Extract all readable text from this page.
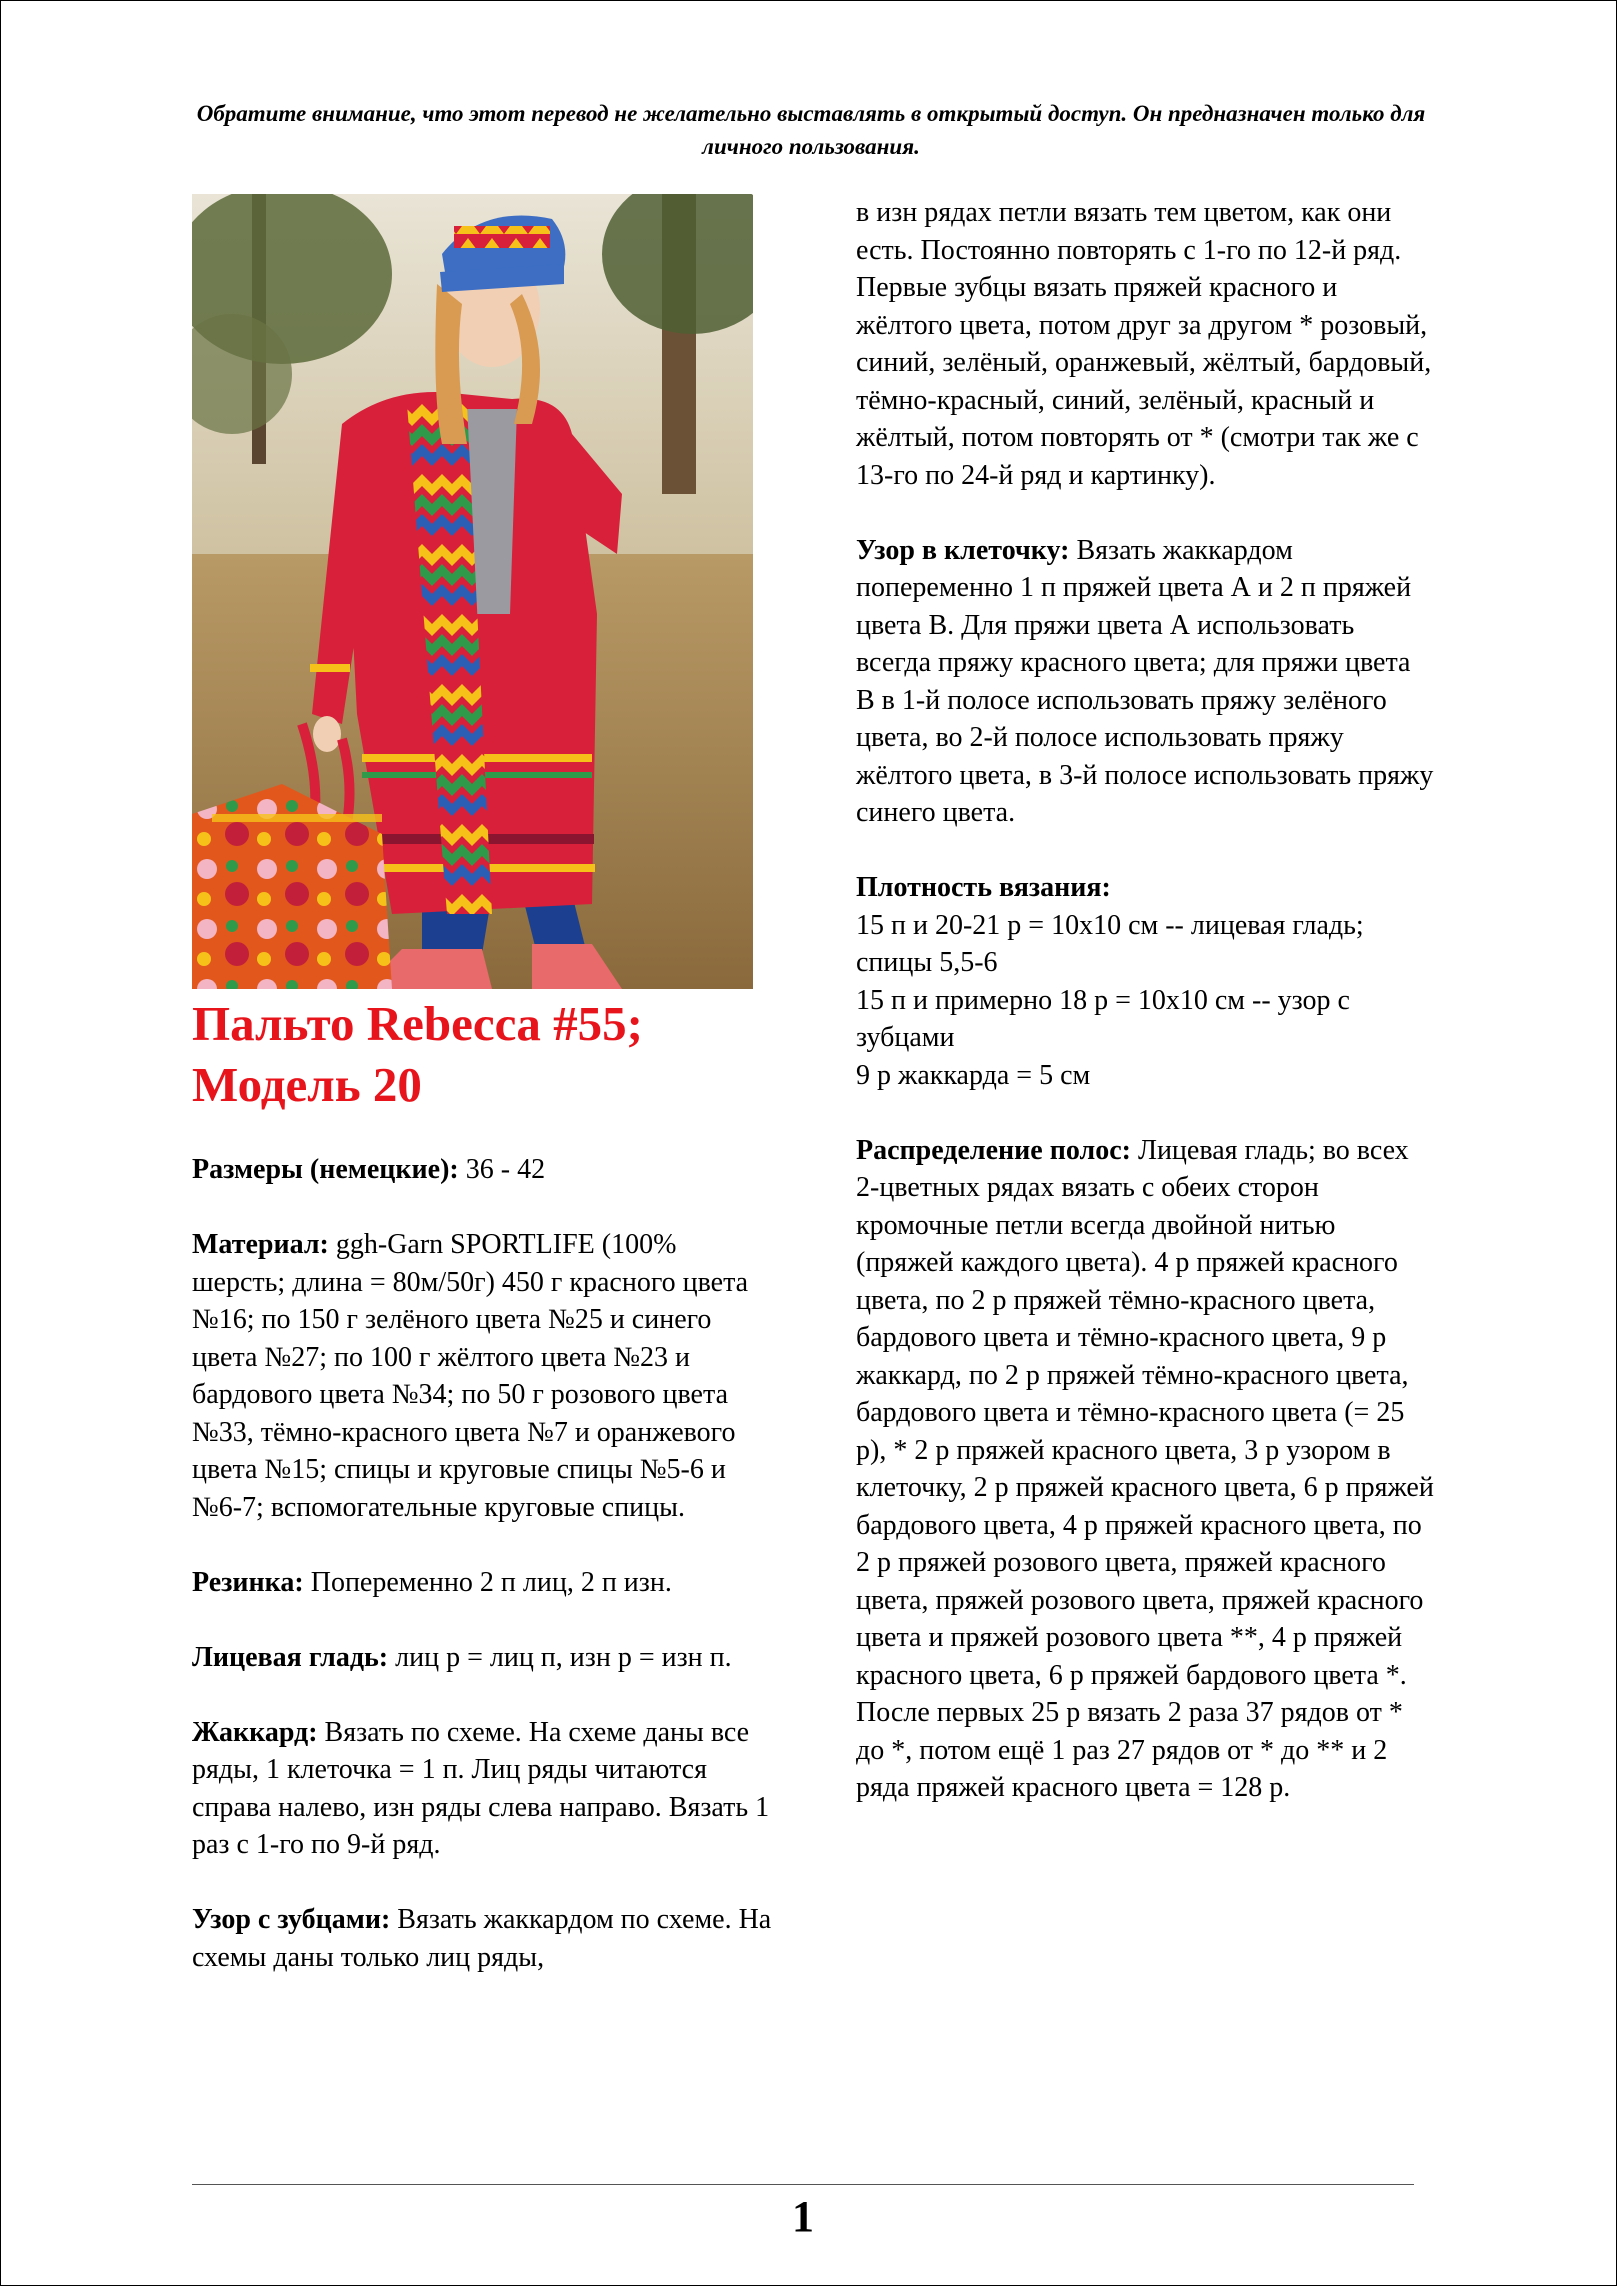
Обратите внимание, что этот перевод не желательно выставлять в открытый доступ. Он предназначен только для личного пользования.
Пальто Rebecca #55;
Модель 20

Размеры (немецкие): 36 - 42

Материал: ggh-Garn SPORTLIFE (100% шерсть; длина = 80м/50г) 450 г красного цвета №16; по 150 г зелёного цвета №25 и синего цвета №27; по 100 г жёлтого цвета №23 и бардового цвета №34; по 50 г розового цвета №33, тёмно-красного цвета №7 и оранжевого цвета №15; спицы и круговые спицы №5-6 и №6-7; вспомогательные круговые спицы.

Резинка: Попеременно 2 п лиц, 2 п изн.

Лицевая гладь: лиц р = лиц п, изн р = изн п.

Жаккард: Вязать по схеме. На схеме даны все ряды, 1 клеточка = 1 п. Лиц ряды читаются справа налево, изн ряды слева направо. Вязать 1 раз с 1-го по 9-й ряд.

Узор с зубцами: Вязать жаккардом по схеме. На схемы даны только лиц ряды,

в изн рядах петли вязать тем цветом, как они есть. Постоянно повторять с 1-го по 12-й ряд. Первые зубцы вязать пряжей красного и жёлтого цвета, потом друг за другом * розовый, синий, зелёный, оранжевый, жёлтый, бардовый, тёмно-красный, синий, зелёный, красный и жёлтый, потом повторять от * (смотри так же с 13-го по 24-й ряд и картинку).

Узор в клеточку: Вязать жаккардом попеременно 1 п пряжей цвета А и 2 п пряжей цвета В. Для пряжи цвета А использовать всегда пряжу красного цвета; для пряжи цвета В в 1-й полосе использовать пряжу зелёного цвета, во 2-й полосе использовать пряжу жёлтого цвета, в 3-й полосе использовать пряжу синего цвета.

Плотность вязания:
15 п и 20-21 р = 10х10 см -- лицевая гладь; спицы 5,5-6
15 п и примерно 18 р = 10х10 см -- узор с зубцами
9 р жаккарда = 5 см

Распределение полос: Лицевая гладь; во всех 2-цветных рядах вязать с обеих сторон кромочные петли всегда двойной нитью (пряжей каждого цвета). 4 р пряжей красного цвета, по 2 р пряжей тёмно-красного цвета, бардового цвета и тёмно-красного цвета, 9 р жаккард, по 2 р пряжей тёмно-красного цвета, бардового цвета и тёмно-красного цвета (= 25 р), * 2 р пряжей красного цвета, 3 р узором в клеточку, 2 р пряжей красного цвета, 6 р пряжей бардового цвета, 4 р пряжей красного цвета, по 2 р пряжей розового цвета, пряжей красного цвета, пряжей розового цвета, пряжей красного цвета и пряжей розового цвета **, 4 р пряжей красного цвета, 6 р пряжей бардового цвета *. После первых 25 р вязать 2 раза 37 рядов от * до *, потом ещё 1 раз 27 рядов от * до ** и 2 ряда пряжей красного цвета = 128 р.

1
